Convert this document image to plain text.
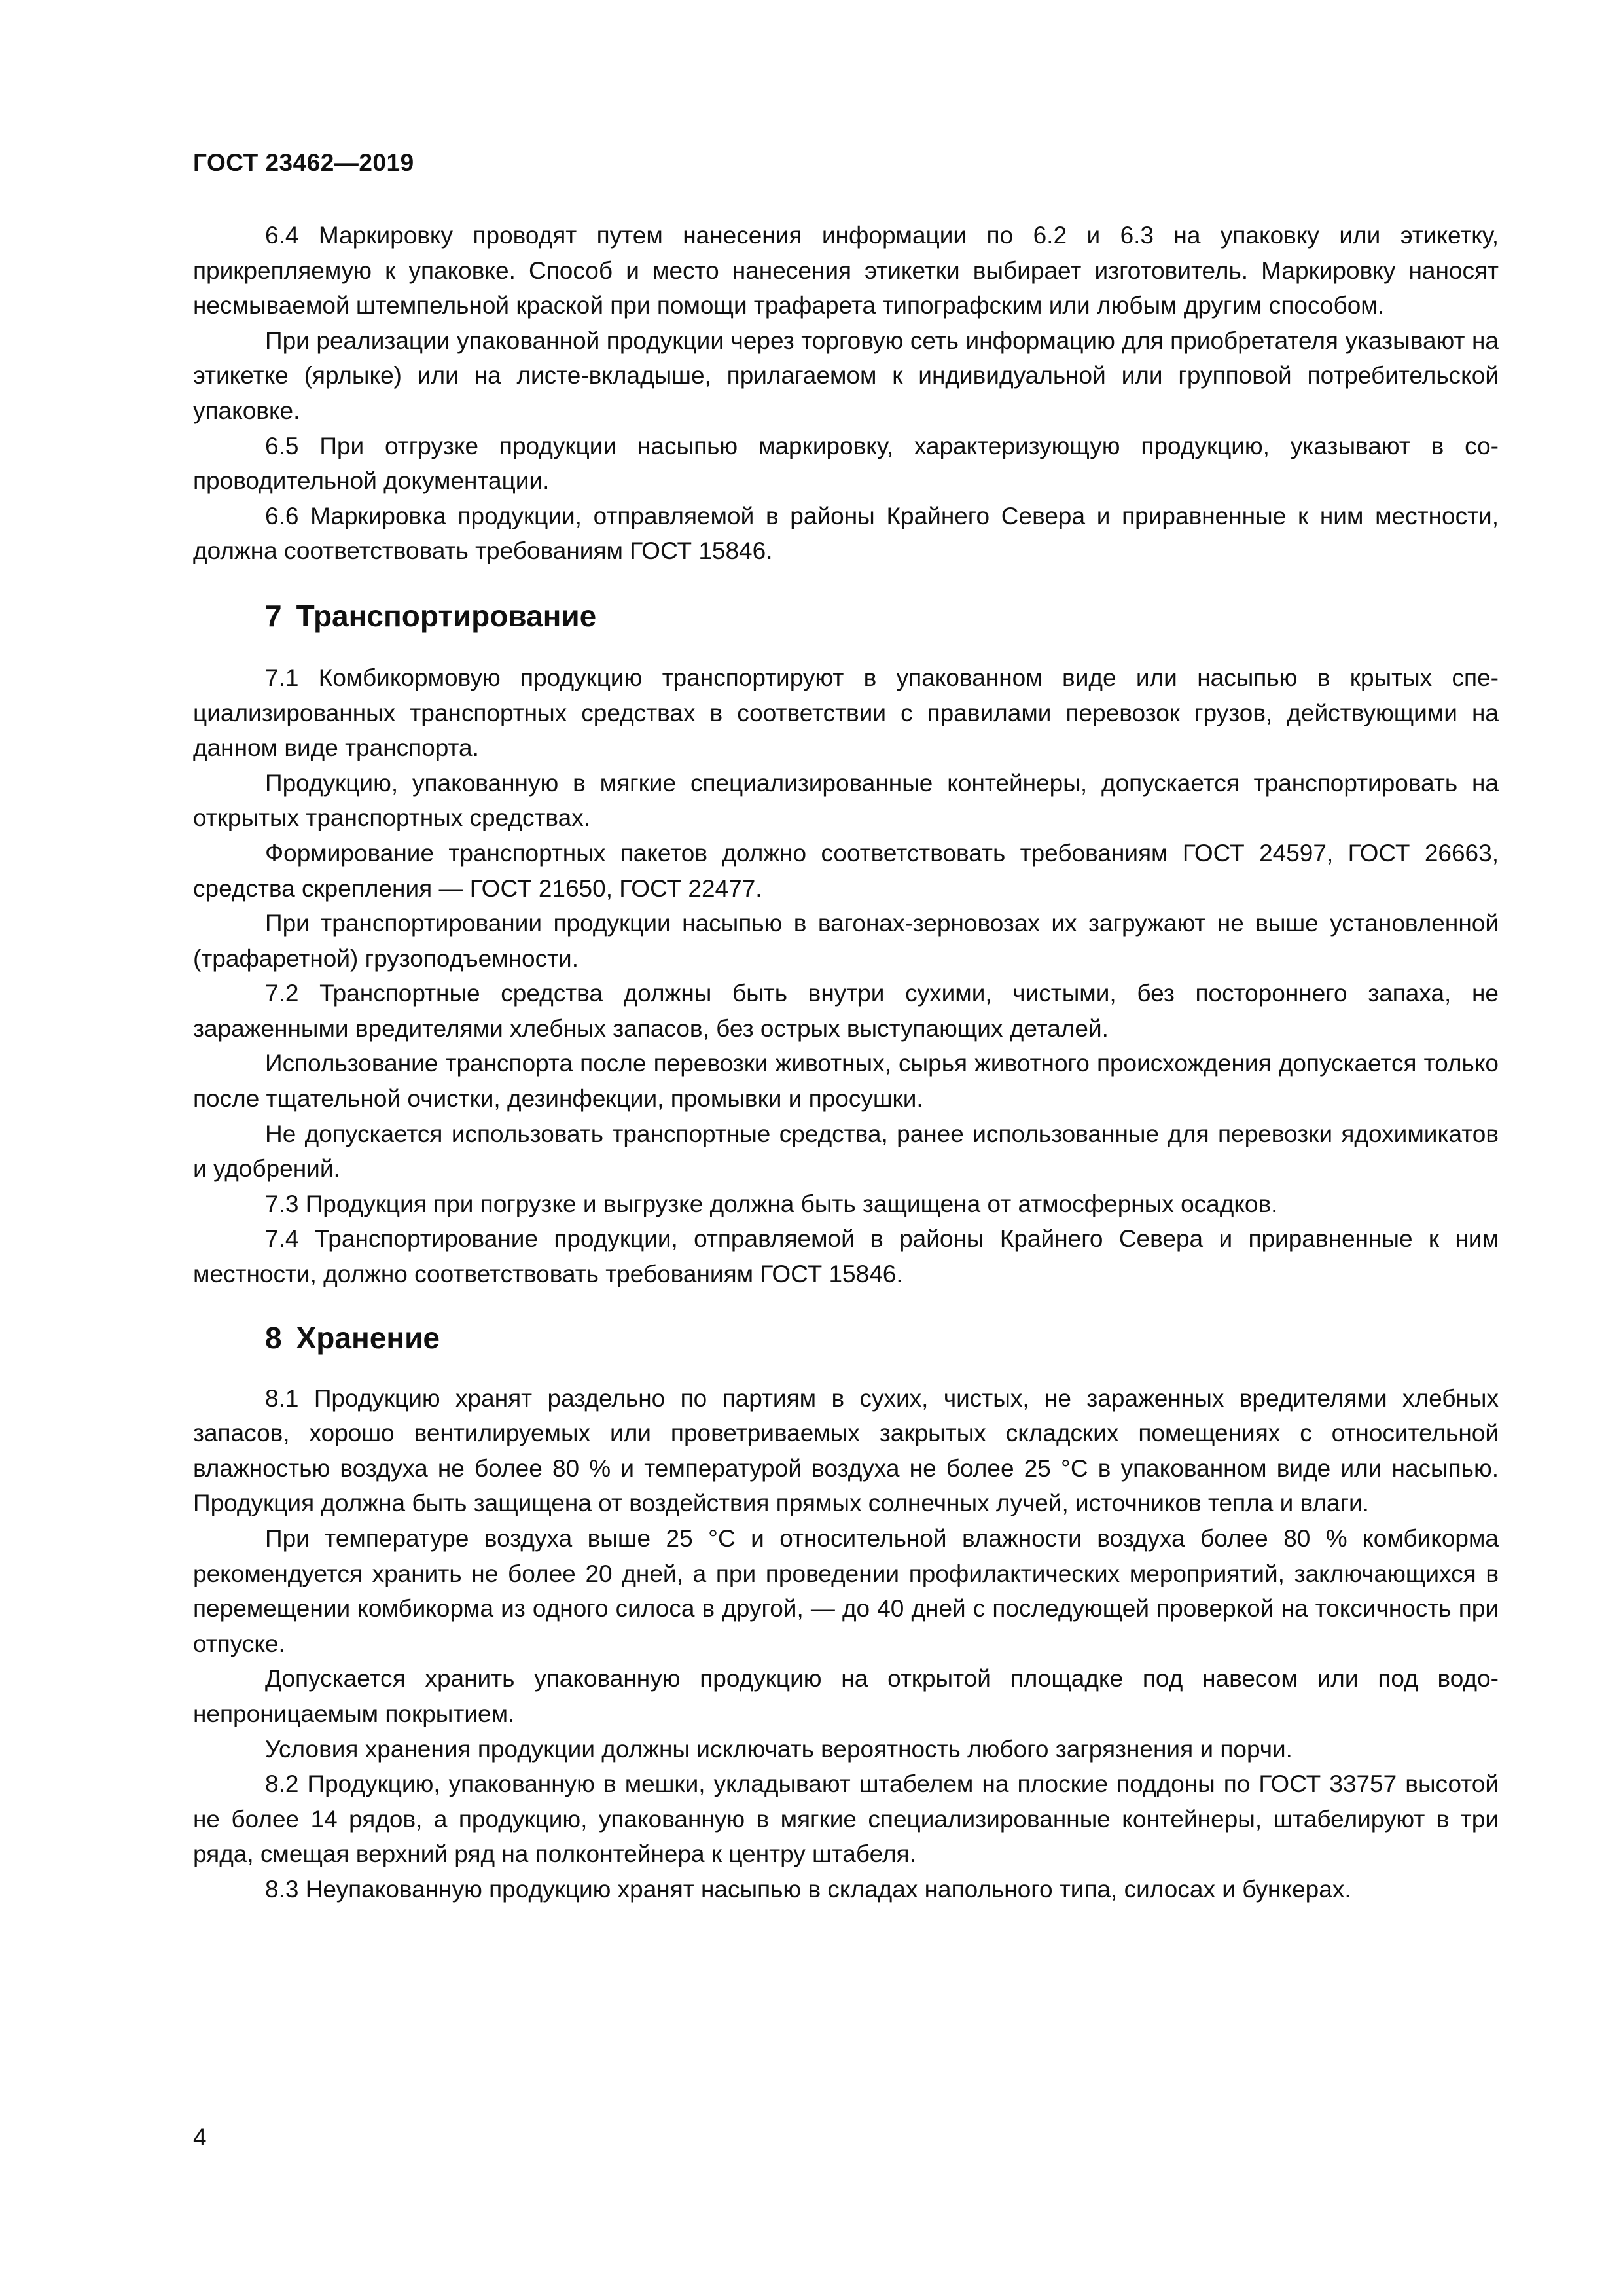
ГОСТ 23462—2019

6.4 Маркировку проводят путем нанесения информации по 6.2 и 6.3 на упаковку или этикетку, прикрепляемую к упаковке. Способ и место нанесения этикетки выбирает изготовитель. Маркировку наносят несмываемой штемпельной краской при помощи трафарета типографским или любым другим способом.

При реализации упакованной продукции через торговую сеть информацию для приобретателя указывают на этикетке (ярлыке) или на листе-вкладыше, прилагаемом к индивидуальной или групповой потребительской упаковке.

6.5 При отгрузке продукции насыпью маркировку, характеризующую продукцию, указывают в сопроводительной документации.

6.6 Маркировка продукции, отправляемой в районы Крайнего Севера и приравненные к ним местности, должна соответствовать требованиям ГОСТ 15846.

7 Транспортирование

7.1 Комбикормовую продукцию транспортируют в упакованном виде или насыпью в крытых специализированных транспортных средствах в соответствии с правилами перевозок грузов, действующими на данном виде транспорта.

Продукцию, упакованную в мягкие специализированные контейнеры, допускается транспортировать на открытых транспортных средствах.

Формирование транспортных пакетов должно соответствовать требованиям ГОСТ 24597, ГОСТ 26663, средства скрепления — ГОСТ 21650, ГОСТ 22477.

При транспортировании продукции насыпью в вагонах-зерновозах их загружают не выше установленной (трафаретной) грузоподъемности.

7.2 Транспортные средства должны быть внутри сухими, чистыми, без постороннего запаха, не зараженными вредителями хлебных запасов, без острых выступающих деталей.

Использование транспорта после перевозки животных, сырья животного происхождения допускается только после тщательной очистки, дезинфекции, промывки и просушки.

Не допускается использовать транспортные средства, ранее использованные для перевозки ядохимикатов и удобрений.

7.3 Продукция при погрузке и выгрузке должна быть защищена от атмосферных осадков.

7.4 Транспортирование продукции, отправляемой в районы Крайнего Севера и приравненные к ним местности, должно соответствовать требованиям ГОСТ 15846.

8 Хранение

8.1 Продукцию хранят раздельно по партиям в сухих, чистых, не зараженных вредителями хлебных запасов, хорошо вентилируемых или проветриваемых закрытых складских помещениях с относительной влажностью воздуха не более 80 % и температурой воздуха не более 25 °С в упакованном виде или насыпью. Продукция должна быть защищена от воздействия прямых солнечных лучей, источников тепла и влаги.

При температуре воздуха выше 25 °С и относительной влажности воздуха более 80 % комбикорма рекомендуется хранить не более 20 дней, а при проведении профилактических мероприятий, заключающихся в перемещении комбикорма из одного силоса в другой, — до 40 дней с последующей проверкой на токсичность при отпуске.

Допускается хранить упакованную продукцию на открытой площадке под навесом или под водонепроницаемым покрытием.

Условия хранения продукции должны исключать вероятность любого загрязнения и порчи.

8.2 Продукцию, упакованную в мешки, укладывают штабелем на плоские поддоны по ГОСТ 33757 высотой не более 14 рядов, а продукцию, упакованную в мягкие специализированные контейнеры, штабелируют в три ряда, смещая верхний ряд на полконтейнера к центру штабеля.

8.3 Неупакованную продукцию хранят насыпью в складах напольного типа, силосах и бункерах.

4
